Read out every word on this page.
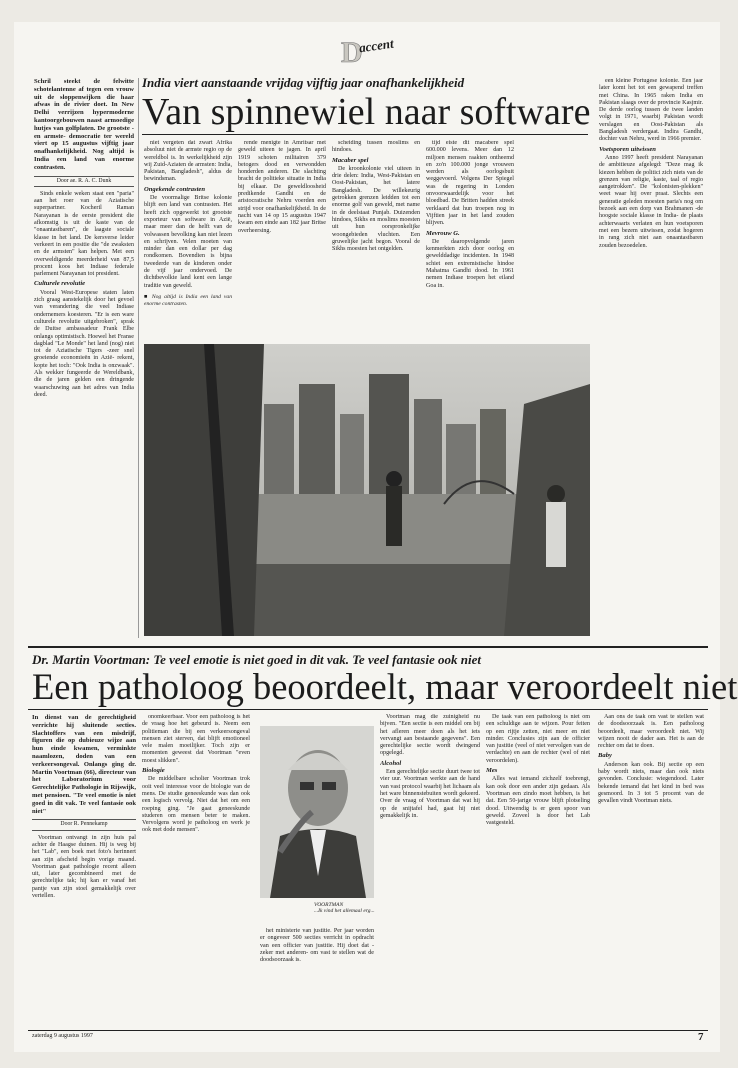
D
accent
India viert aanstaande vrijdag vijftig jaar onafhankelijkheid
Van spinnewiel naar software
Schril steekt de felwitte schotelantenne af tegen een vrouw uit de sloppenwijken die haar afwas in de rivier doet. In New Delhi verrijzen hypermoderne kantoorgebouwen naast armoedige hutjes van golfplaten. De grootste -en armste- democratie ter wereld viert op 15 augustus vijftig jaar onafhankelijkheid. Nog altijd is India een land van enorme contrasten.
Door ae. R. A. C. Dunk

Sinds enkele weken staat een "paria" aan het roer van de Aziatische superpartner. Kocheril Raman Narayanan is de eerste president die afkomstig is uit de kaste van de "onaantastbaren", de laagste sociale klasse in het land. De kersverse leider verkeert in een positie die "de zwaksten en de armsten" kan helpen. Met een overweldigende meerderheid van 87,5 procent koos het Indiase federale parlement Narayanan tot president.

Culturele revolutie

Vooral West-Europese staten laten zich graag aanstekelijk door het gevoel van verandering die veel Indiase ondernemers koesteren. "Er is een ware culturele revolutie uitgebroken", sprak de Duitse ambassadeur Frank Elbe onlangs optimistisch. Hoewel het Franse dagblad "Le Monde" het land (nog) niet tot de Aziatische Tigers -zeer snel groeiende economieën in Azië- rekent, kopte het toch: "Ook India is onzwaak". Als wekker fungeerde de Wereldbank, die de jaren gelden een dringende waarschuwing aan het adres van India deed.

niet vergeten dat zwart Afrika absoluut niet de armste regio op de wereldbol is. In werkelijkheid zijn wij Zuid-Aziaten de armsten: India, Pakistan, Bangladesh", aldus de bewindsman.

Ongekende contrasten

De voormalige Britse kolonie blijft een land van contrasten. Het heeft zich opgewerkt tot grootste exporteur van software in Azië, maar meer dan de helft van de volwassen bevolking kan niet lezen en schrijven. Velen moeten van minder dan een dollar per dag rondkomen. Bovendien is bijna tweederde van de kinderen onder de vijf jaar ondervoed. De dichtbevolkte land kent een lange traditie van geweld.

■ Nog altijd is India een land van enorme contrasten.

rende menigte in Amritsar met geweld uiteen te jagen. In april 1919 schoten militairen 379 betogers dood en verwondden honderden anderen. De slachting bracht de politieke situatie in India bij elkaar. De geweldloosheid predikende Gandhi en de aristocratische Nehru voerden een strijd voor onafhankelijkheid. In de nacht van 14 op 15 augustus 1947 kwam een einde aan 182 jaar Britse overheersing.

scheiding tussen moslims en hindoes.

Macaber spel

De kroonkolonie viel uiteen in drie delen: India, West-Pakistan en Oost-Pakistan, het latere Bangladesh. De willekeurig getrokken grenzen leidden tot een enorme golf van geweld, met name in de deelstaat Punjab. Duizenden hindoes, Sikhs en moslims moesten uit hun oorspronkelijke woongebieden vluchten. Een gruwelijke jacht begon. Vooral de Sikhs moesten het ontgelden.

tijd eiste dit macabere spel 600.000 levens. Meer dan 12 miljoen mensen raakten ontheemd en zo'n 100.000 jonge vrouwen werden als oorlogsbuit weggevoerd. Volgens Der Spiegel was de regering in Londen onvoorwaardelijk voor het bloedbad. De Britten hadden streek verklaard dat hun troepen nog in Vijftien jaar in het land zouden blijven.

Mevrouw G.

De daaropvolgende jaren kenmerkten zich door oorlog en gewelddadige incidenten. In 1948 schiet een extremistische hindoe Mahatma Gandhi dood. In 1961 nemen Indiase troepen het eiland Goa in.

een kleine Portugese kolonie. Een jaar later komt het tot een gewapend treffen met China. In 1965 raken India en Pakistan slaags over de provincie Kasjmir. De derde oorlog tussen de twee landen volgt in 1971, waarbij Pakistan wordt verslagen en Oost-Pakistan als Bangladesh verdergaat. Indira Gandhi, dochter van Nehru, werd in 1966 premier.

Voetsporen uitwissen

Anno 1997 heeft president Narayanan de ambitieuze afgelegd: "Deze mag ik kiezen hebben de politici zich niets van de grenzen van religie, kaste, taal of regio aangetrokken". De "kolonisten-plekken" weet waar hij over praat. Slechts een generatie geleden moesten paria's nog om bezoek aan een dorp van Brahmanen -de hoogste sociale klasse in India- de plaats achterwaarts verlaten en hun voetsporen met een bezem uitwissen, zodat hogeren in rang zich niet aan onaantastbaren zouden bezoedelen.

Dr. Martin Voortman: Te veel emotie is niet goed in dit vak. Te veel fantasie ook niet
Een patholoog beoordeelt, maar veroordeelt niet
In dienst van de gerechtigheid verrichte hij sluitende secties. Slachtoffers van een misdrijf, figuren die op dubieuze wijze aan hun einde kwamen, verminkte naamlozen, doden van een verkeersongeval. Onlangs ging dr. Martin Voortman (66), directeur van het Laboratorium voor Gerechtelijke Pathologie in Rijswijk, met pensioen. "Te veel emotie is niet goed in dit vak. Te veel fantasie ook niet"
Door R. Pennekamp

Voortman ontvangt in zijn huis pal achter de Haagse duinen. Hij is weg bij het "Lab", een boek met foto's herinnert aan zijn afscheid begin vorige maand. Voortman gaat pathologie recent alleen uit, later gecombineerd met de gerechtelijke tak; hij kan er vanaf het pantje van zijn stoel gemakkelijk over vertellen.

onomkeerbaar. Voor een patholoog is het de vraag hoe het gebeurd is. Neem een politieman die bij een verkeersongeval mensen ziet sterven, dat blijft emotioneel vele malen moeilijker. Toch zijn er momenten geweest dat Voortman "even moest slikken".

Biologie

De middelbare scholier Voortman trok ooit veel interesse voor de biologie van de mens. De studie geneeskunde was dan ook een logisch vervolg. Niet dat het om een roeping ging. "Je gaat geneeskunde studeren om mensen beter te maken. Vervolgens word je patholoog en werk je ook met dode mensen".

VOORTMAN
...Ik vind het allemaal erg...

het ministerie van justitie. Per jaar worden er ongeveer 500 secties verricht in opdracht van een officier van justitie. Hij doet dat -zeker met anderen- om vast te stellen wat de doodsoorzaak is.

Voortman mag die zuinigheid nu bijven. "Een sectie is een middel om bij het afleren meer doen als het iets vervangt aan bestaande gegevens". Een gerechtelijke sectie wordt dwingend opgelegd.

Alcohol

Een gerechtelijke sectie duurt twee tot vier uur. Voortman werkte aan de hand van vast protocol waarbij het lichaam als het ware binnenstebuiten wordt gekeerd. Over de vraag of Voortman dat wat hij op de snijtafel had, gaat hij niet gemakkelijk in.

De taak van een patholoog is niet om een schuldige aan te wijzen. Pour feiten op een rijtje zetten, niet meer en niet minder. Conclusies zijn aan de officier van justitie (veel of niet vervolgen van de verdachte) en aan de rechter (wel of niet veroordelen).

Mes

Alles wat iemand zichzelf toebrengt, kan ook door een ander zijn gedaan. Als Voortman een zindo moet hebben, is het dat. Een 50-jarige vrouw blijft plotseling dood. Uitwendig is er geen spoor van geweld. Zoveel is door het Lab vastgesteld.

Aan ons de taak om vast te stellen wat de doodsoorzaak is. Een patholoog beoordeelt, maar veroordeelt niet. Wij wijzen nooit de dader aan. Het is aan de rechter om dat te doen.

Baby

Anderson kan ook. Bij sectie op een baby wordt niets, maar dan ook niets gevonden. Conclusie: wiegendood. Later bekende iemand dat het kind in bed was gesmoord. In 3 tot 5 procent van de gevallen vindt Voortman niets.

zaterdag 9 augustus 1997	7
